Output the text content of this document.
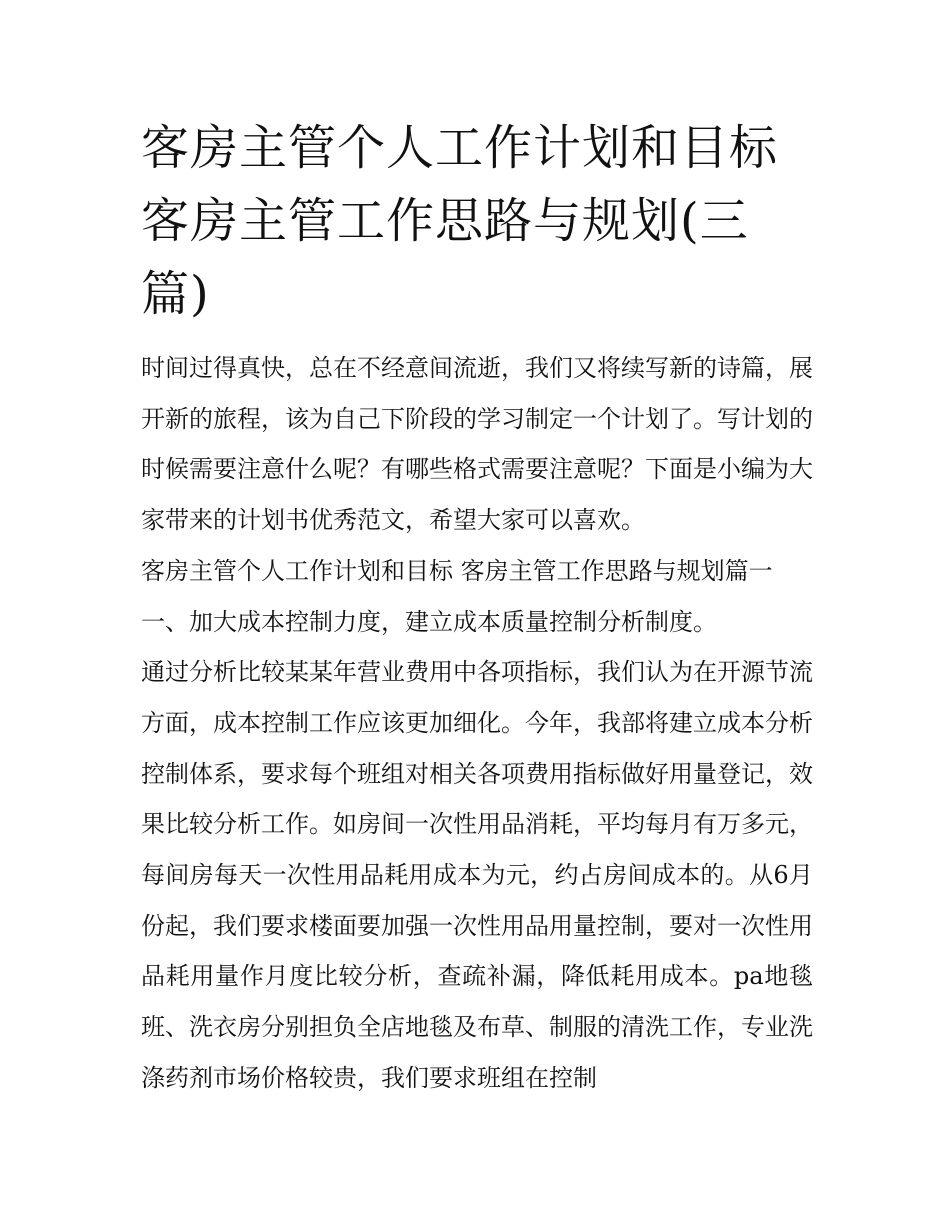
客房主管个人工作计划和目标 客房主管工作思路与规划(三篇)

时间过得真快，总在不经意间流逝，我们又将续写新的诗篇，展开新的旅程，该为自己下阶段的学习制定一个计划了。写计划的时候需要注意什么呢？有哪些格式需要注意呢？下面是小编为大家带来的计划书优秀范文，希望大家可以喜欢。

客房主管个人工作计划和目标 客房主管工作思路与规划篇一

一、加大成本控制力度，建立成本质量控制分析制度。

通过分析比较某某年营业费用中各项指标，我们认为在开源节流方面，成本控制工作应该更加细化。今年，我部将建立成本分析控制体系，要求每个班组对相关各项费用指标做好用量登记，效果比较分析工作。如房间一次性用品消耗，平均每月有万多元，每间房每天一次性用品耗用成本为元，约占房间成本的。从6月份起，我们要求楼面要加强一次性用品用量控制，要对一次性用品耗用量作月度比较分析，查疏补漏，降低耗用成本。pa地毯班、洗衣房分别担负全店地毯及布草、制服的清洗工作，专业洗涤药剂市场价格较贵，我们要求班组在控制
